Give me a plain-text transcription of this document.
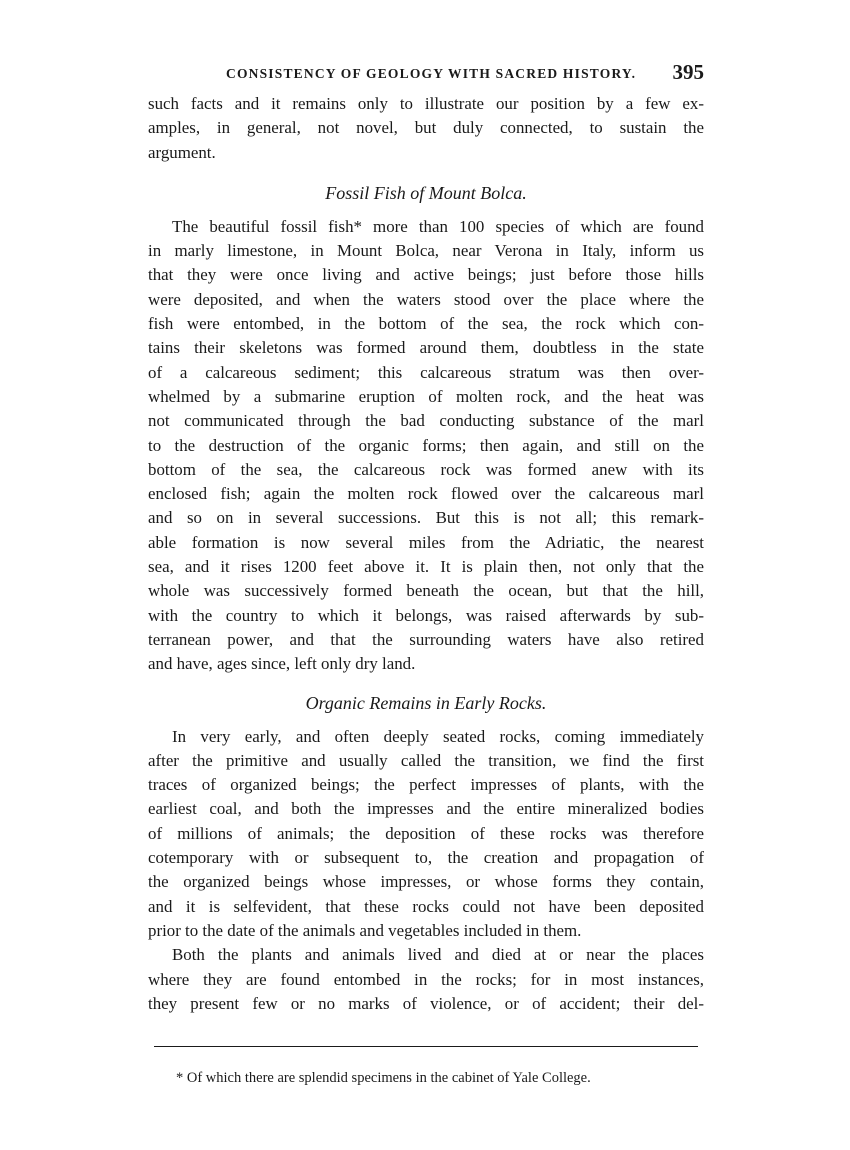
CONSISTENCY OF GEOLOGY WITH SACRED HISTORY. 395
such facts and it remains only to illustrate our position by a few ex-
amples, in general, not novel, but duly connected, to sustain the
argument.
Fossil Fish of Mount Bolca.
The beautiful fossil fish* more than 100 species of which are found
in marly limestone, in Mount Bolca, near Verona in Italy, inform us
that they were once living and active beings; just before those hills
were deposited, and when the waters stood over the place where the
fish were entombed, in the bottom of the sea, the rock which con-
tains their skeletons was formed around them, doubtless in the state
of a calcareous sediment; this calcareous stratum was then over-
whelmed by a submarine eruption of molten rock, and the heat was
not communicated through the bad conducting substance of the marl
to the destruction of the organic forms; then again, and still on the
bottom of the sea, the calcareous rock was formed anew with its
enclosed fish; again the molten rock flowed over the calcareous marl
and so on in several successions. But this is not all; this remark-
able formation is now several miles from the Adriatic, the nearest
sea, and it rises 1200 feet above it. It is plain then, not only that the
whole was successively formed beneath the ocean, but that the hill,
with the country to which it belongs, was raised afterwards by sub-
terranean power, and that the surrounding waters have also retired
and have, ages since, left only dry land.
Organic Remains in Early Rocks.
In very early, and often deeply seated rocks, coming immediately
after the primitive and usually called the transition, we find the first
traces of organized beings; the perfect impresses of plants, with the
earliest coal, and both the impresses and the entire mineralized bodies
of millions of animals; the deposition of these rocks was therefore
cotemporary with or subsequent to, the creation and propagation of
the organized beings whose impresses, or whose forms they contain,
and it is selfevident, that these rocks could not have been deposited
prior to the date of the animals and vegetables included in them.
Both the plants and animals lived and died at or near the places
where they are found entombed in the rocks; for in most instances,
they present few or no marks of violence, or of accident; their del-
* Of which there are splendid specimens in the cabinet of Yale College.
